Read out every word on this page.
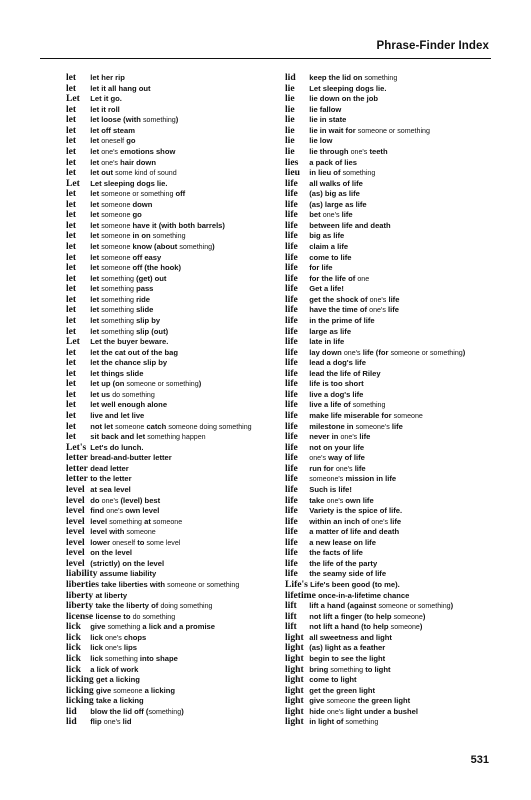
Phrase-Finder Index
let let her rip
let let it all hang out
Let Let it go.
let let it roll
let let loose (with something)
let let off steam
let let oneself go
let let one's emotions show
let let one's hair down
let let out some kind of sound
Let Let sleeping dogs lie.
let let someone or something off
let let someone down
let let someone go
let let someone have it (with both barrels)
let let someone in on something
let let someone know (about something)
let let someone off easy
let let someone off (the hook)
let let something (get) out
let let something pass
let let something ride
let let something slide
let let something slip by
let let something slip (out)
Let Let the buyer beware.
let let the cat out of the bag
let let the chance slip by
let let things slide
let let up (on someone or something)
let let us do something
let let well enough alone
let live and let live
let not let someone catch someone doing something
let sit back and let something happen
Let's Let's do lunch.
letter bread-and-butter letter
letter dead letter
letter to the letter
level at sea level
level do one's (level) best
level find one's own level
level level something at someone
level level with someone
level lower oneself to some level
level on the level
level (strictly) on the level
liability assume liability
liberties take liberties with someone or something
liberty at liberty
liberty take the liberty of doing something
license license to do something
lick give something a lick and a promise
lick lick one's chops
lick lick one's lips
lick lick something into shape
lick a lick of work
licking get a licking
licking give someone a licking
licking take a licking
lid blow the lid off (something)
lid flip one's lid
lid keep the lid on something
lie Let sleeping dogs lie.
lie lie down on the job
lie lie fallow
lie lie in state
lie lie in wait for someone or something
lie lie low
lie lie through one's teeth
lies a pack of lies
lieu in lieu of something
life all walks of life
life (as) big as life
life (as) large as life
life bet one's life
life between life and death
life big as life
life claim a life
life come to life
life for life
life for the life of one
life Get a life!
life get the shock of one's life
life have the time of one's life
life in the prime of life
life large as life
life late in life
life lay down one's life (for someone or something)
life lead a dog's life
life lead the life of Riley
life life is too short
life live a dog's life
life live a life of something
life make life miserable for someone
life milestone in someone's life
life never in one's life
life not on your life
life one's way of life
life run for one's life
life someone's mission in life
life Such is life!
life take one's own life
life Variety is the spice of life.
life within an inch of one's life
life a matter of life and death
life a new lease on life
life the facts of life
life the life of the party
life the seamy side of life
Life's Life's been good (to me).
lifetime once-in-a-lifetime chance
lift lift a hand (against someone or something)
lift not lift a finger (to help someone)
lift not lift a hand (to help someone)
light all sweetness and light
light (as) light as a feather
light begin to see the light
light bring something to light
light come to light
light get the green light
light give someone the green light
light hide one's light under a bushel
light in light of something
531
